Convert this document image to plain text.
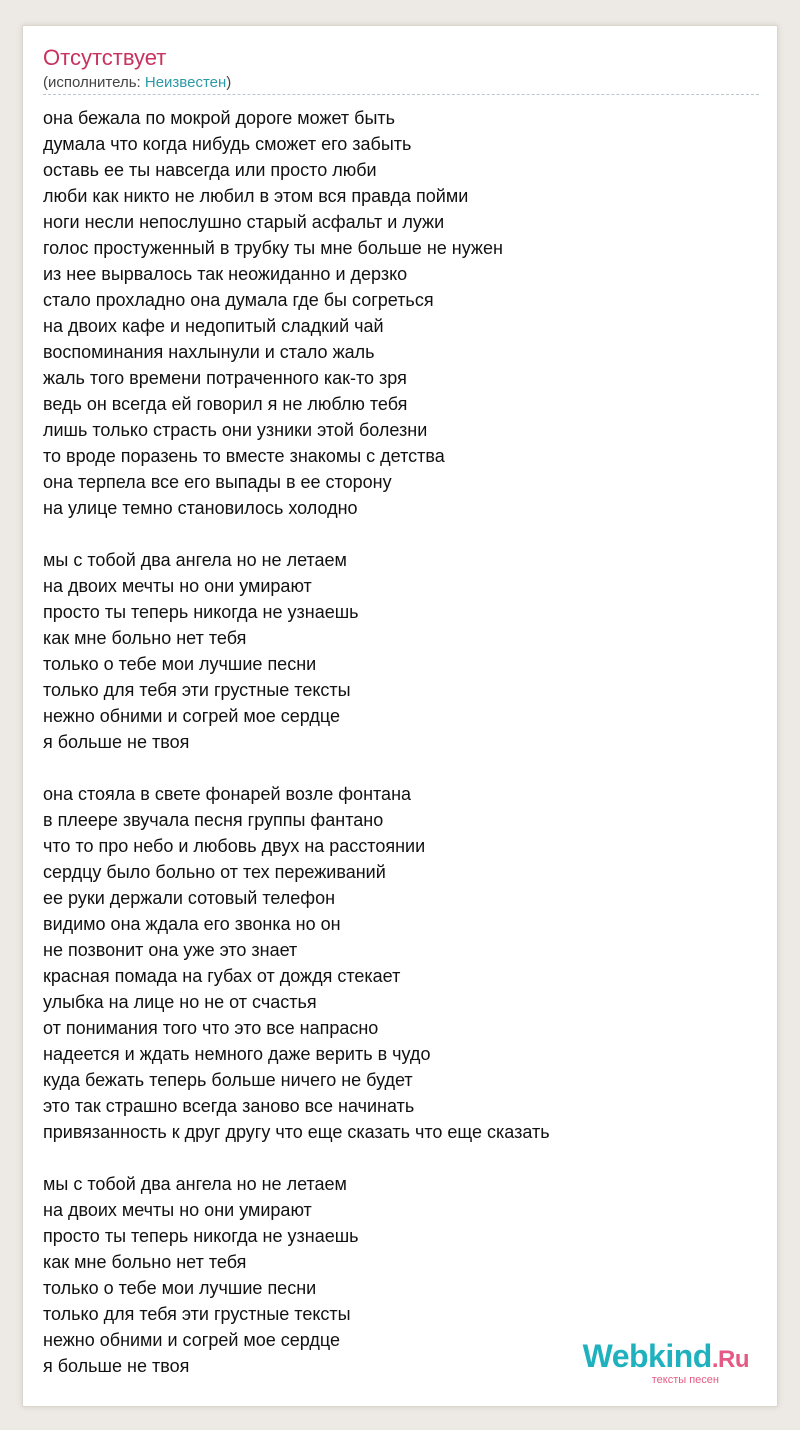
Отсутствует
(исполнитель: Неизвестен)
она бежала по мокрой дороге может быть
думала что когда нибудь сможет его забыть
оставь ее ты навсегда или просто люби
люби как никто не любил в этом вся правда пойми
ноги несли непослушно старый асфальт и лужи
голос простуженный в трубку ты мне больше не нужен
из нее вырвалось так неожиданно и дерзко
стало прохладно она думала где бы согреться
на двоих кафе и недопитый сладкий чай
воспоминания нахлынули и стало жаль
жаль того времени потраченного как-то зря
ведь он всегда ей говорил я не люблю тебя
лишь только страсть они узники этой болезни
то вроде поразень то вместе знакомы с детства
она терпела все его выпады в ее сторону
на улице темно становилось холодно
мы с тобой два ангела но не летаем
на двоих мечты но они умирают
просто ты теперь никогда не узнаешь
как мне больно нет тебя
только о тебе мои лучшие песни
только для тебя эти грустные тексты
нежно обними и согрей мое сердце
я больше не твоя
она стояла в свете фонарей возле фонтана
в плеере звучала песня группы фантано
что то про небо и любовь двух на расстоянии
сердцу было больно от тех переживаний
ее руки держали сотовый телефон
видимо она ждала его звонка но он
не позвонит она уже это знает
красная помада на губах от дождя стекает
улыбка на лице но не от счастья
от понимания того что это все напрасно
надеется и ждать немного даже верить в чудо
куда бежать теперь больше ничего не будет
это так страшно всегда заново все начинать
привязанность к друг другу что еще сказать что еще сказать
мы с тобой два ангела но не летаем
на двоих мечты но они умирают
просто ты теперь никогда не узнаешь
как мне больно нет тебя
только о тебе мои лучшие песни
только для тебя эти грустные тексты
нежно обними и согрей мое сердце
я больше не твоя	Webkind.Ru
тексты песен
